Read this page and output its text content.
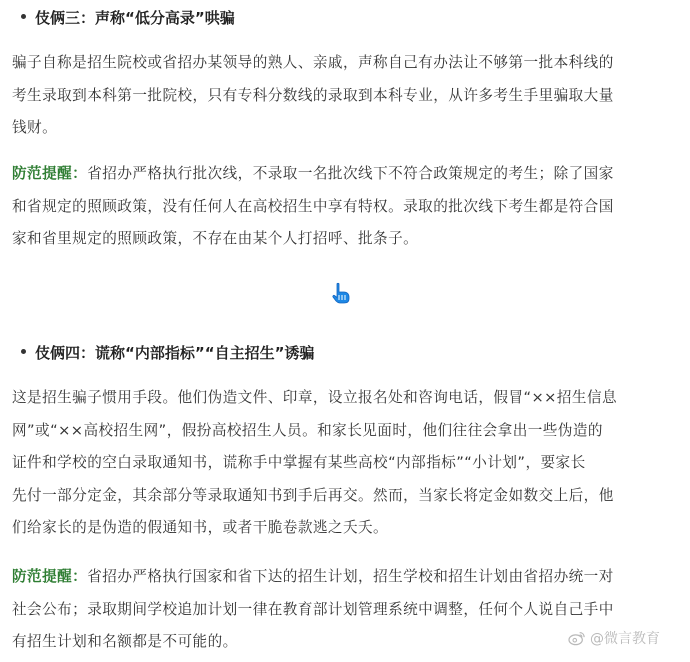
伎俩三：声称“低分高录”哄骗
骗子自称是招生院校或省招办某领导的熟人、亲戚，声称自己有办法让不够第一批本科线的
考生录取到本科第一批院校，只有专科分数线的录取到本科专业，从许多考生手里骗取大量
钱财。
防范提醒：省招办严格执行批次线，不录取一名批次线下不符合政策规定的考生；除了国家
和省规定的照顾政策，没有任何人在高校招生中享有特权。录取的批次线下考生都是符合国
家和省里规定的照顾政策，不存在由某个人打招呼、批条子。
伎俩四：谎称“内部指标”“自主招生”诱骗
这是招生骗子惯用手段。他们伪造文件、印章，设立报名处和咨询电话，假冒“××招生信息
网”或“××高校招生网”，假扮高校招生人员。和家长见面时，他们往往会拿出一些伪造的
证件和学校的空白录取通知书，谎称手中掌握有某些高校“内部指标”“小计划”，要家长
先付一部分定金，其余部分等录取通知书到手后再交。然而，当家长将定金如数交上后，他
们给家长的是伪造的假通知书，或者干脆卷款逃之夭夭。
防范提醒：省招办严格执行国家和省下达的招生计划，招生学校和招生计划由省招办统一对
社会公布；录取期间学校追加计划一律在教育部计划管理系统中调整，任何个人说自己手中
有招生计划和名额都是不可能的。	@微言教育
